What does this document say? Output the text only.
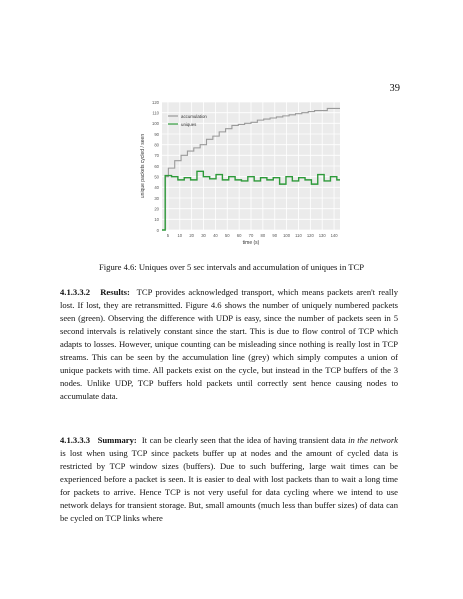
39
0
10
20
30
40
50
60
70
80
90
100
110
120
5 10 20 30 40 50 60 70 80 90 100 110 120 130 140
time (s)
unique packets cycled / seen
accumulation
uniques
Figure 4.6: Uniques over 5 sec intervals and accumulation of uniques in TCP

4.1.3.3.2 Results: TCP provides acknowledged transport, which means packets aren't really lost. If lost, they are retransmitted. Figure 4.6 shows the number of uniquely numbered packets seen (green). Observing the difference with UDP is easy, since the number of packets seen in 5 second intervals is relatively constant since the start. This is due to flow control of TCP which adapts to losses. However, unique counting can be misleading since nothing is really lost in TCP streams. This can be seen by the accumulation line (grey) which simply computes a union of unique packets with time. All packets exist on the cycle, but instead in the TCP buffers of the 3 nodes. Unlike UDP, TCP buffers hold packets until correctly sent hence causing nodes to accumulate data.

4.1.3.3.3 Summary: It can be clearly seen that the idea of having transient data in the network is lost when using TCP since packets buffer up at nodes and the amount of cycled data is restricted by TCP window sizes (buffers). Due to such buffering, large wait times can be experienced before a packet is seen. It is easier to deal with lost packets than to wait a long time for packets to arrive. Hence TCP is not very useful for data cycling where we intend to use network delays for transient storage. But, small amounts (much less than buffer sizes) of data can be cycled on TCP links where
